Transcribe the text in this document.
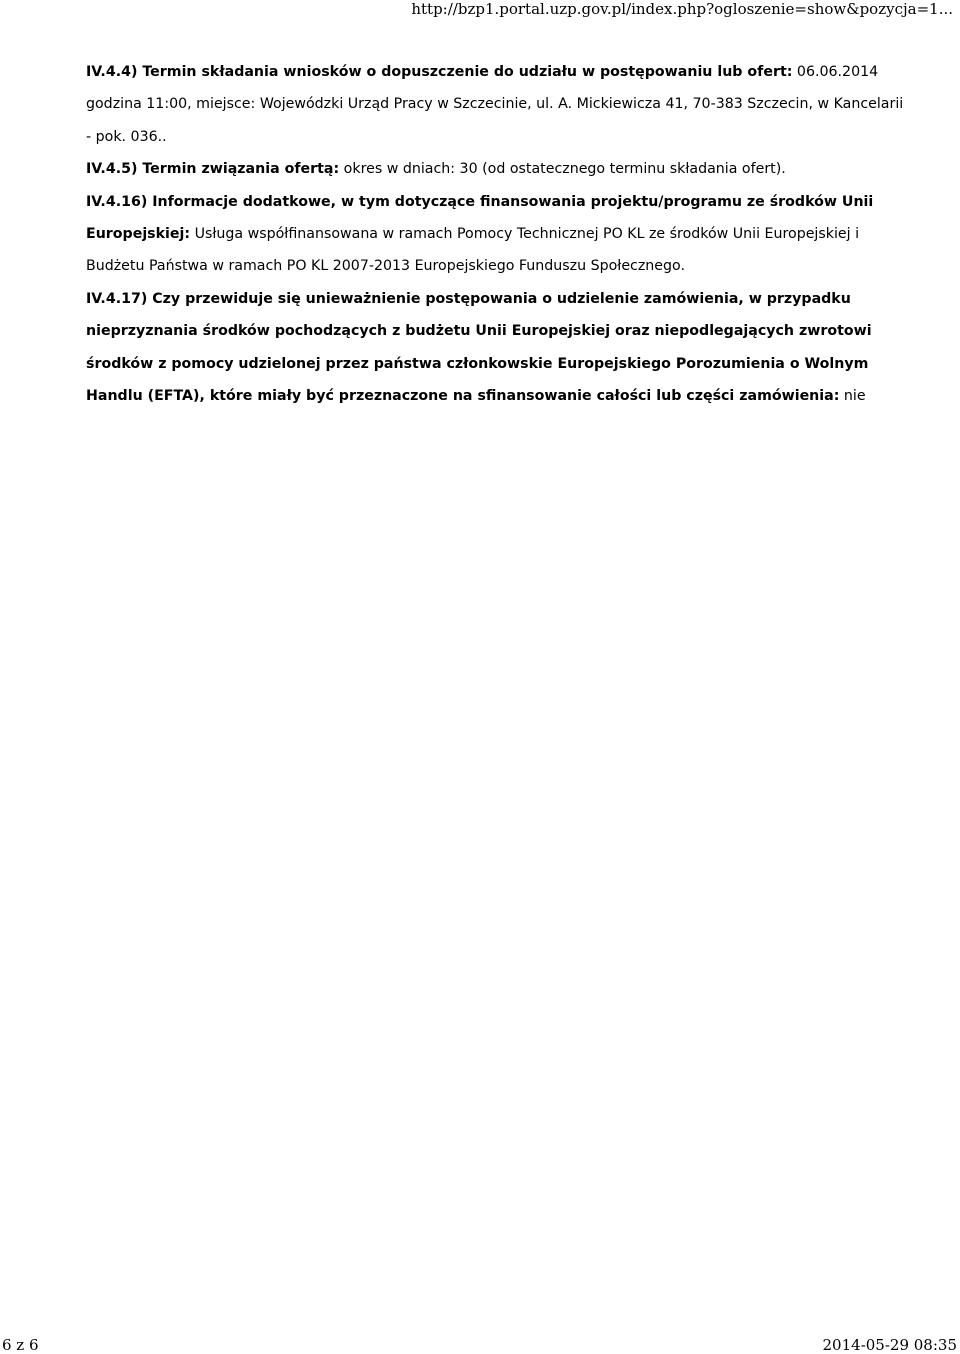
http://bzp1.portal.uzp.gov.pl/index.php?ogloszenie=show&pozycja=1...

IV.4.4) Termin składania wniosków o dopuszczenie do udziału w postępowaniu lub ofert: 06.06.2014 godzina 11:00, miejsce: Wojewódzki Urząd Pracy w Szczecinie, ul. A. Mickiewicza 41, 70-383 Szczecin, w Kancelarii - pok. 036..

IV.4.5) Termin związania ofertą: okres w dniach: 30 (od ostatecznego terminu składania ofert).

IV.4.16) Informacje dodatkowe, w tym dotyczące finansowania projektu/programu ze środków Unii Europejskiej: Usługa współfinansowana w ramach Pomocy Technicznej PO KL ze środków Unii Europejskiej i Budżetu Państwa w ramach PO KL 2007-2013 Europejskiego Funduszu Społecznego.

IV.4.17) Czy przewiduje się unieważnienie postępowania o udzielenie zamówienia, w przypadku nieprzyznania środków pochodzących z budżetu Unii Europejskiej oraz niepodlegających zwrotowi środków z pomocy udzielonej przez państwa członkowskie Europejskiego Porozumienia o Wolnym Handlu (EFTA), które miały być przeznaczone na sfinansowanie całości lub części zamówienia: nie

6 z 6	2014-05-29 08:35
